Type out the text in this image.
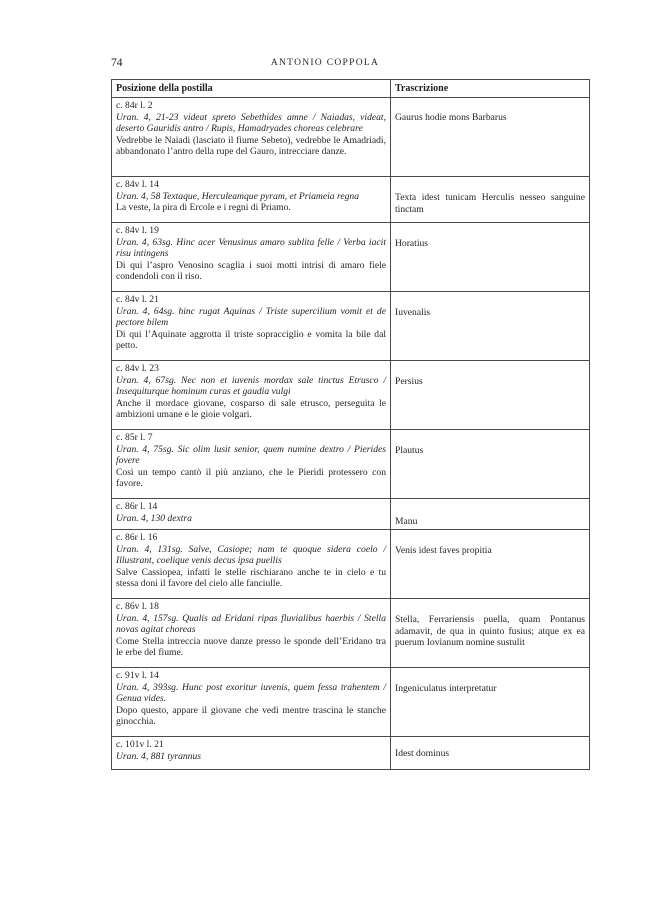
74	ANTONIO COPPOLA
Posizione della postilla	Trascrizione

c. 84r l. 2
Uran. 4, 21-23 videat spreto Sebethides amne / Naiadas, videat, deserto Gauridis antro / Rupis, Hamadryades choreas celebrare
Vedrebbe le Naiadi (lasciato il fiume Sebeto), vedrebbe le Amadriadi, abbandonato l’antro della rupe del Gauro, intrecciare danze.	Gaurus hodie mons Barbarus

c. 84v l. 14
Uran. 4, 58 Textaque, Herculeamque pyram, et Priameia regna
La veste, la pira di Ercole e i regni di Priamo.	Texta idest tunicam Herculis nesseo sanguine tinctam

c. 84v l. 19
Uran. 4, 63sg. Hinc acer Venusinus amaro sublita felle / Verba iacit risu intingens
Di qui l’aspro Venosino scaglia i suoi motti intrisi di amaro fiele condendoli con il riso.	Horatius

c. 84v l. 21
Uran. 4, 64sg. hinc rugat Aquinas / Triste supercilium vomit et de pectore bilem
Di qui l’Aquinate aggrotta il triste sopracciglio e vomita la bile dal petto.	Iuvenalis

c. 84v l. 23
Uran. 4, 67sg. Nec non et iuvenis mordax sale tinctus Etrusco / Insequiturque hominum curas et gaudia vulgi
Anche il mordace giovane, cosparso di sale etrusco, perseguita le ambizioni umane e le gioie volgari.	Persius

c. 85r l. 7
Uran. 4, 75sg. Sic olim lusit senior, quem numine dextro / Pierides fovere
Così un tempo cantò il più anziano, che le Pieridi protessero con favore.	Plautus

c. 86r l. 14
Uran. 4, 130 dextra	Manu

c. 86r l. 16
Uran. 4, 131sg. Salve, Casiope; nam te quoque sidera coelo / Illustrant, coelique venis decus ipsa puellis
Salve Cassiopea, infatti le stelle rischiarano anche te in cielo e tu stessa doni il favore del cielo alle fanciulle.	Venis idest faves propitia

c. 86v l. 18
Uran. 4, 157sg. Qualis ad Eridani ripas fluvialibus haerbis / Stella novas agitat choreas
Come Stella intreccia nuove danze presso le sponde dell’Eridano tra le erbe del fiume.	Stella, Ferrariensis puella, quam Pontanus adamavit, de qua in quinto fusius; atque ex ea puerum Iovianum nomine sustulit

c. 91v l. 14
Uran. 4, 393sg. Hunc post exoritur iuvenis, quem fessa trahentem / Genua vides.
Dopo questo, appare il giovane che vedi mentre trascina le stanche ginocchia.	Ingeniculatus interpretatur

c. 101v l. 21
Uran. 4, 881 tyrannus	Idest dominus
